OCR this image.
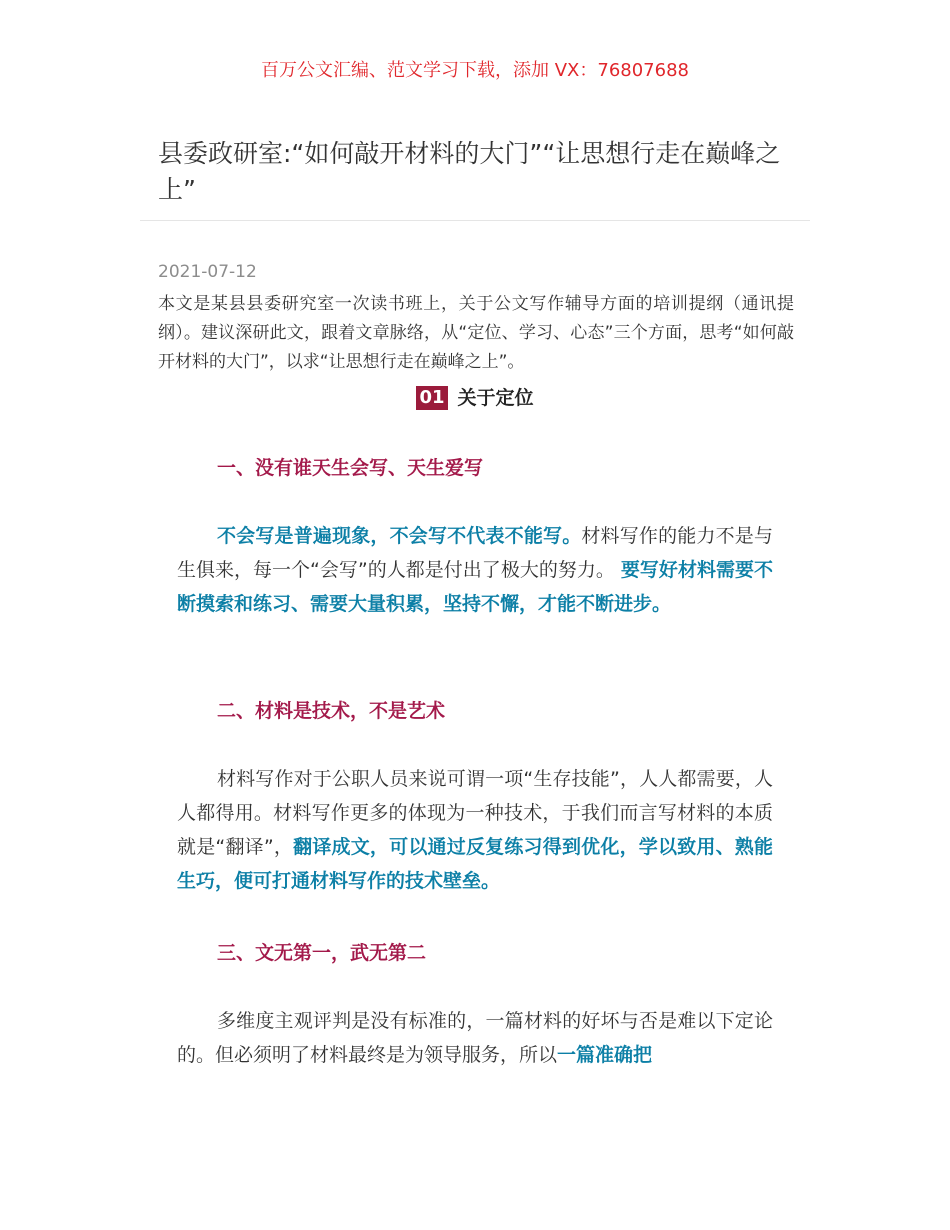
百万公文汇编、范文学习下载，添加 VX：76807688
县委政研室:“如何敲开材料的大门”“让思想行走在巅峰之上”
2021-07-12

本文是某县县委研究室一次读书班上，关于公文写作辅导方面的培训提纲（通讯提纲）。建议深研此文，跟着文章脉络，从“定位、学习、心态”三个方面，思考“如何敲开材料的大门”，以求“让思想行走在巅峰之上”。

01 关于定位
一、没有谁天生会写、天生爱写

不会写是普遍现象，不会写不代表不能写。材料写作的能力不是与生俱来，每一个“会写”的人都是付出了极大的努力。 要写好材料需要不断摸索和练习、需要大量积累，坚持不懈，才能不断进步。

二、材料是技术，不是艺术

材料写作对于公职人员来说可谓一项“生存技能”，人人都需要，人人都得用。材料写作更多的体现为一种技术，于我们而言写材料的本质就是“翻译”，翻译成文，可以通过反复练习得到优化，学以致用、熟能生巧，便可打通材料写作的技术壁垒。

三、文无第一，武无第二

多维度主观评判是没有标准的，一篇材料的好坏与否是难以下定论的。但必须明了材料最终是为领导服务，所以一篇准确把
